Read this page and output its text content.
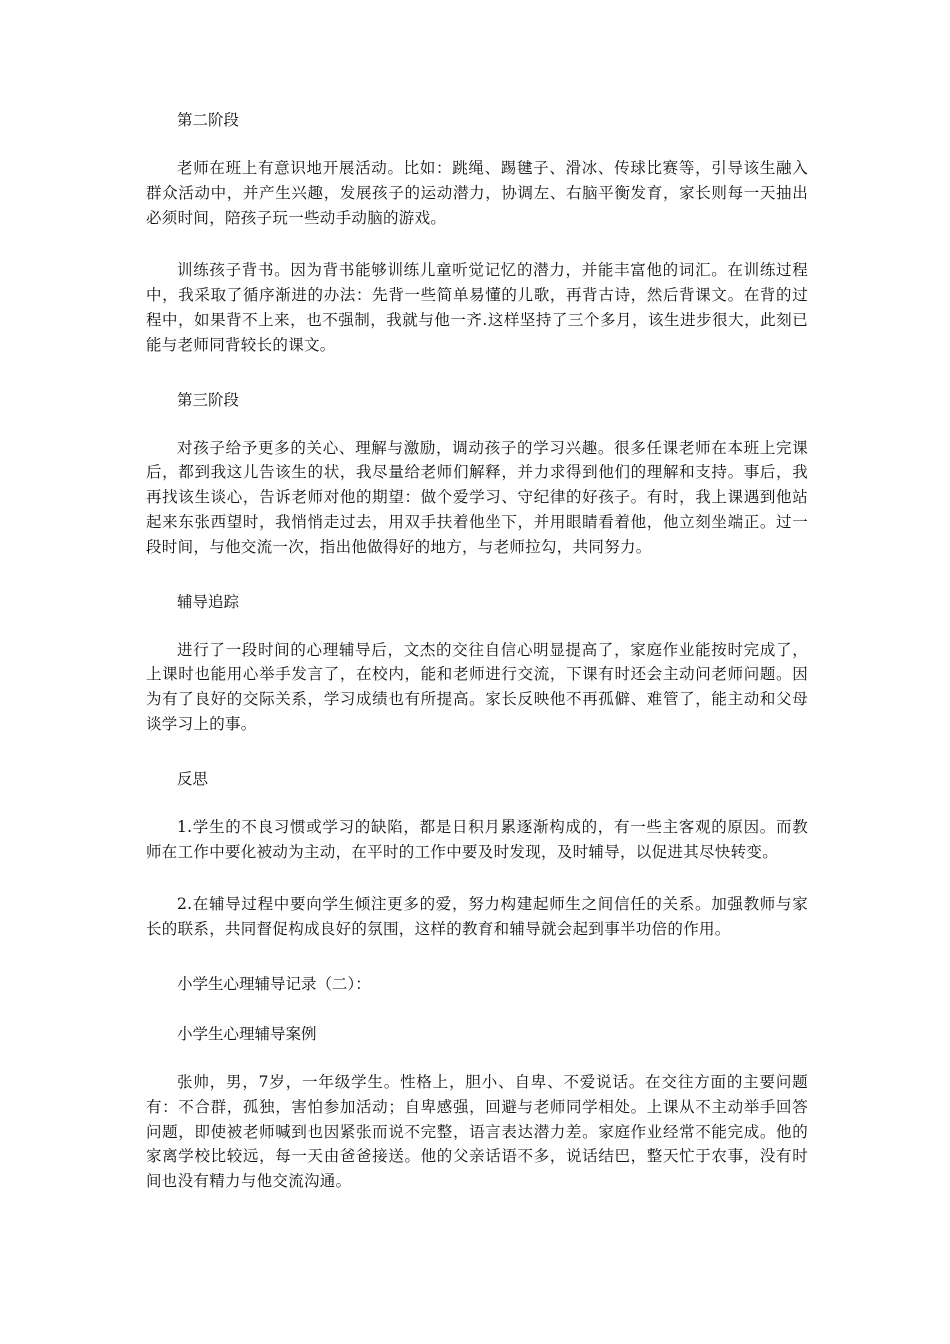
第二阶段

老师在班上有意识地开展活动。比如：跳绳、踢毽子、滑冰、传球比赛等，引导该生融入群众活动中，并产生兴趣，发展孩子的运动潜力，协调左、右脑平衡发育，家长则每一天抽出必须时间，陪孩子玩一些动手动脑的游戏。

训练孩子背书。因为背书能够训练儿童听觉记忆的潜力，并能丰富他的词汇。在训练过程中，我采取了循序渐进的办法：先背一些简单易懂的儿歌，再背古诗，然后背课文。在背的过程中，如果背不上来，也不强制，我就与他一齐.这样坚持了三个多月，该生进步很大，此刻已能与老师同背较长的课文。

第三阶段

对孩子给予更多的关心、理解与激励，调动孩子的学习兴趣。很多任课老师在本班上完课后，都到我这儿告该生的状，我尽量给老师们解释，并力求得到他们的理解和支持。事后，我再找该生谈心，告诉老师对他的期望：做个爱学习、守纪律的好孩子。有时，我上课遇到他站起来东张西望时，我悄悄走过去，用双手扶着他坐下，并用眼睛看着他，他立刻坐端正。过一段时间，与他交流一次，指出他做得好的地方，与老师拉勾，共同努力。

辅导追踪

进行了一段时间的心理辅导后，文杰的交往自信心明显提高了，家庭作业能按时完成了，上课时也能用心举手发言了，在校内，能和老师进行交流，下课有时还会主动问老师问题。因为有了良好的交际关系，学习成绩也有所提高。家长反映他不再孤僻、难管了，能主动和父母谈学习上的事。

反思

1.学生的不良习惯或学习的缺陷，都是日积月累逐渐构成的，有一些主客观的原因。而教师在工作中要化被动为主动，在平时的工作中要及时发现，及时辅导，以促进其尽快转变。

2.在辅导过程中要向学生倾注更多的爱，努力构建起师生之间信任的关系。加强教师与家长的联系，共同督促构成良好的氛围，这样的教育和辅导就会起到事半功倍的作用。

小学生心理辅导记录（二）：

小学生心理辅导案例

张帅，男，7岁，一年级学生。性格上，胆小、自卑、不爱说话。在交往方面的主要问题有：不合群，孤独，害怕参加活动；自卑感强，回避与老师同学相处。上课从不主动举手回答问题，即使被老师喊到也因紧张而说不完整，语言表达潜力差。家庭作业经常不能完成。他的家离学校比较远，每一天由爸爸接送。他的父亲话语不多，说话结巴，整天忙于农事，没有时间也没有精力与他交流沟通。
